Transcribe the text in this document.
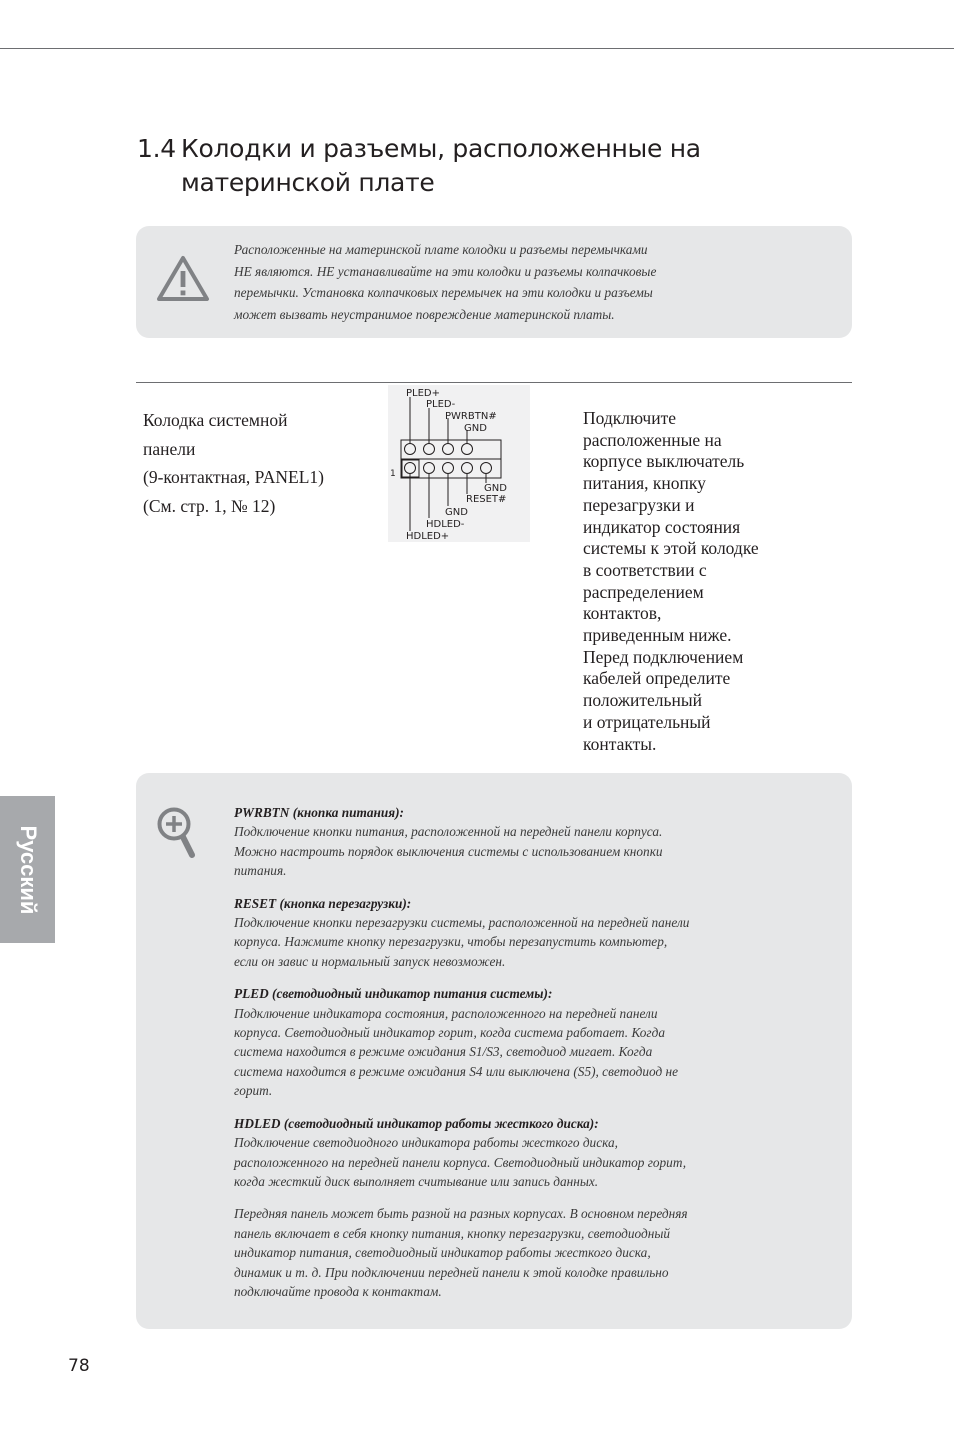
1.4 Колодки и разъемы, расположенные на материнской плате
Расположенные на материнской плате колодки и разъемы перемычками
НЕ являются. НЕ устанавливайте на эти колодки и разъемы колпачковые
перемычки. Установка колпачковых перемычек на эти колодки и разъемы
может вызвать неустранимое повреждение материнской платы.
Колодка системной
панели
(9-контактная, PANEL1)
(См. стр. 1, № 12)
PLED+
PLED-
PWRBTN#
GND
GND
RESET#
GND
HDLED-
HDLED+
1
Подключите
расположенные на
корпусе выключатель
питания, кнопку
перезагрузки и
индикатор состояния
системы к этой колодке
в соответствии с
распределением
контактов,
приведенным ниже.
Перед подключением
кабелей определите
положительный
и отрицательный
контакты.
PWRBTN (кнопка питания):
Подключение кнопки питания, расположенной на передней панели корпуса.
Можно настроить порядок выключения системы с использованием кнопки
питания.
RESET (кнопка перезагрузки):
Подключение кнопки перезагрузки системы, расположенной на передней панели
корпуса. Нажмите кнопку перезагрузки, чтобы перезапустить компьютер,
если он завис и нормальный запуск невозможен.
PLED (светодиодный индикатор питания системы):
Подключение индикатора состояния, расположенного на передней панели
корпуса. Светодиодный индикатор горит, когда система работает. Когда
система находится в режиме ожидания S1/S3, светодиод мигает. Когда
система находится в режиме ожидания S4 или выключена (S5), светодиод не
горит.
HDLED (светодиодный индикатор работы жесткого диска):
Подключение светодиодного индикатора работы жесткого диска,
расположенного на передней панели корпуса. Светодиодный индикатор горит,
когда жесткий диск выполняет считывание или запись данных.
Передняя панель может быть разной на разных корпусах. В основном передняя
панель включает в себя кнопку питания, кнопку перезагрузки, светодиодный
индикатор питания, светодиодный индикатор работы жесткого диска,
динамик и т. д. При подключении передней панели к этой колодке правильно
подключайте провода к контактам.
Русский
78
